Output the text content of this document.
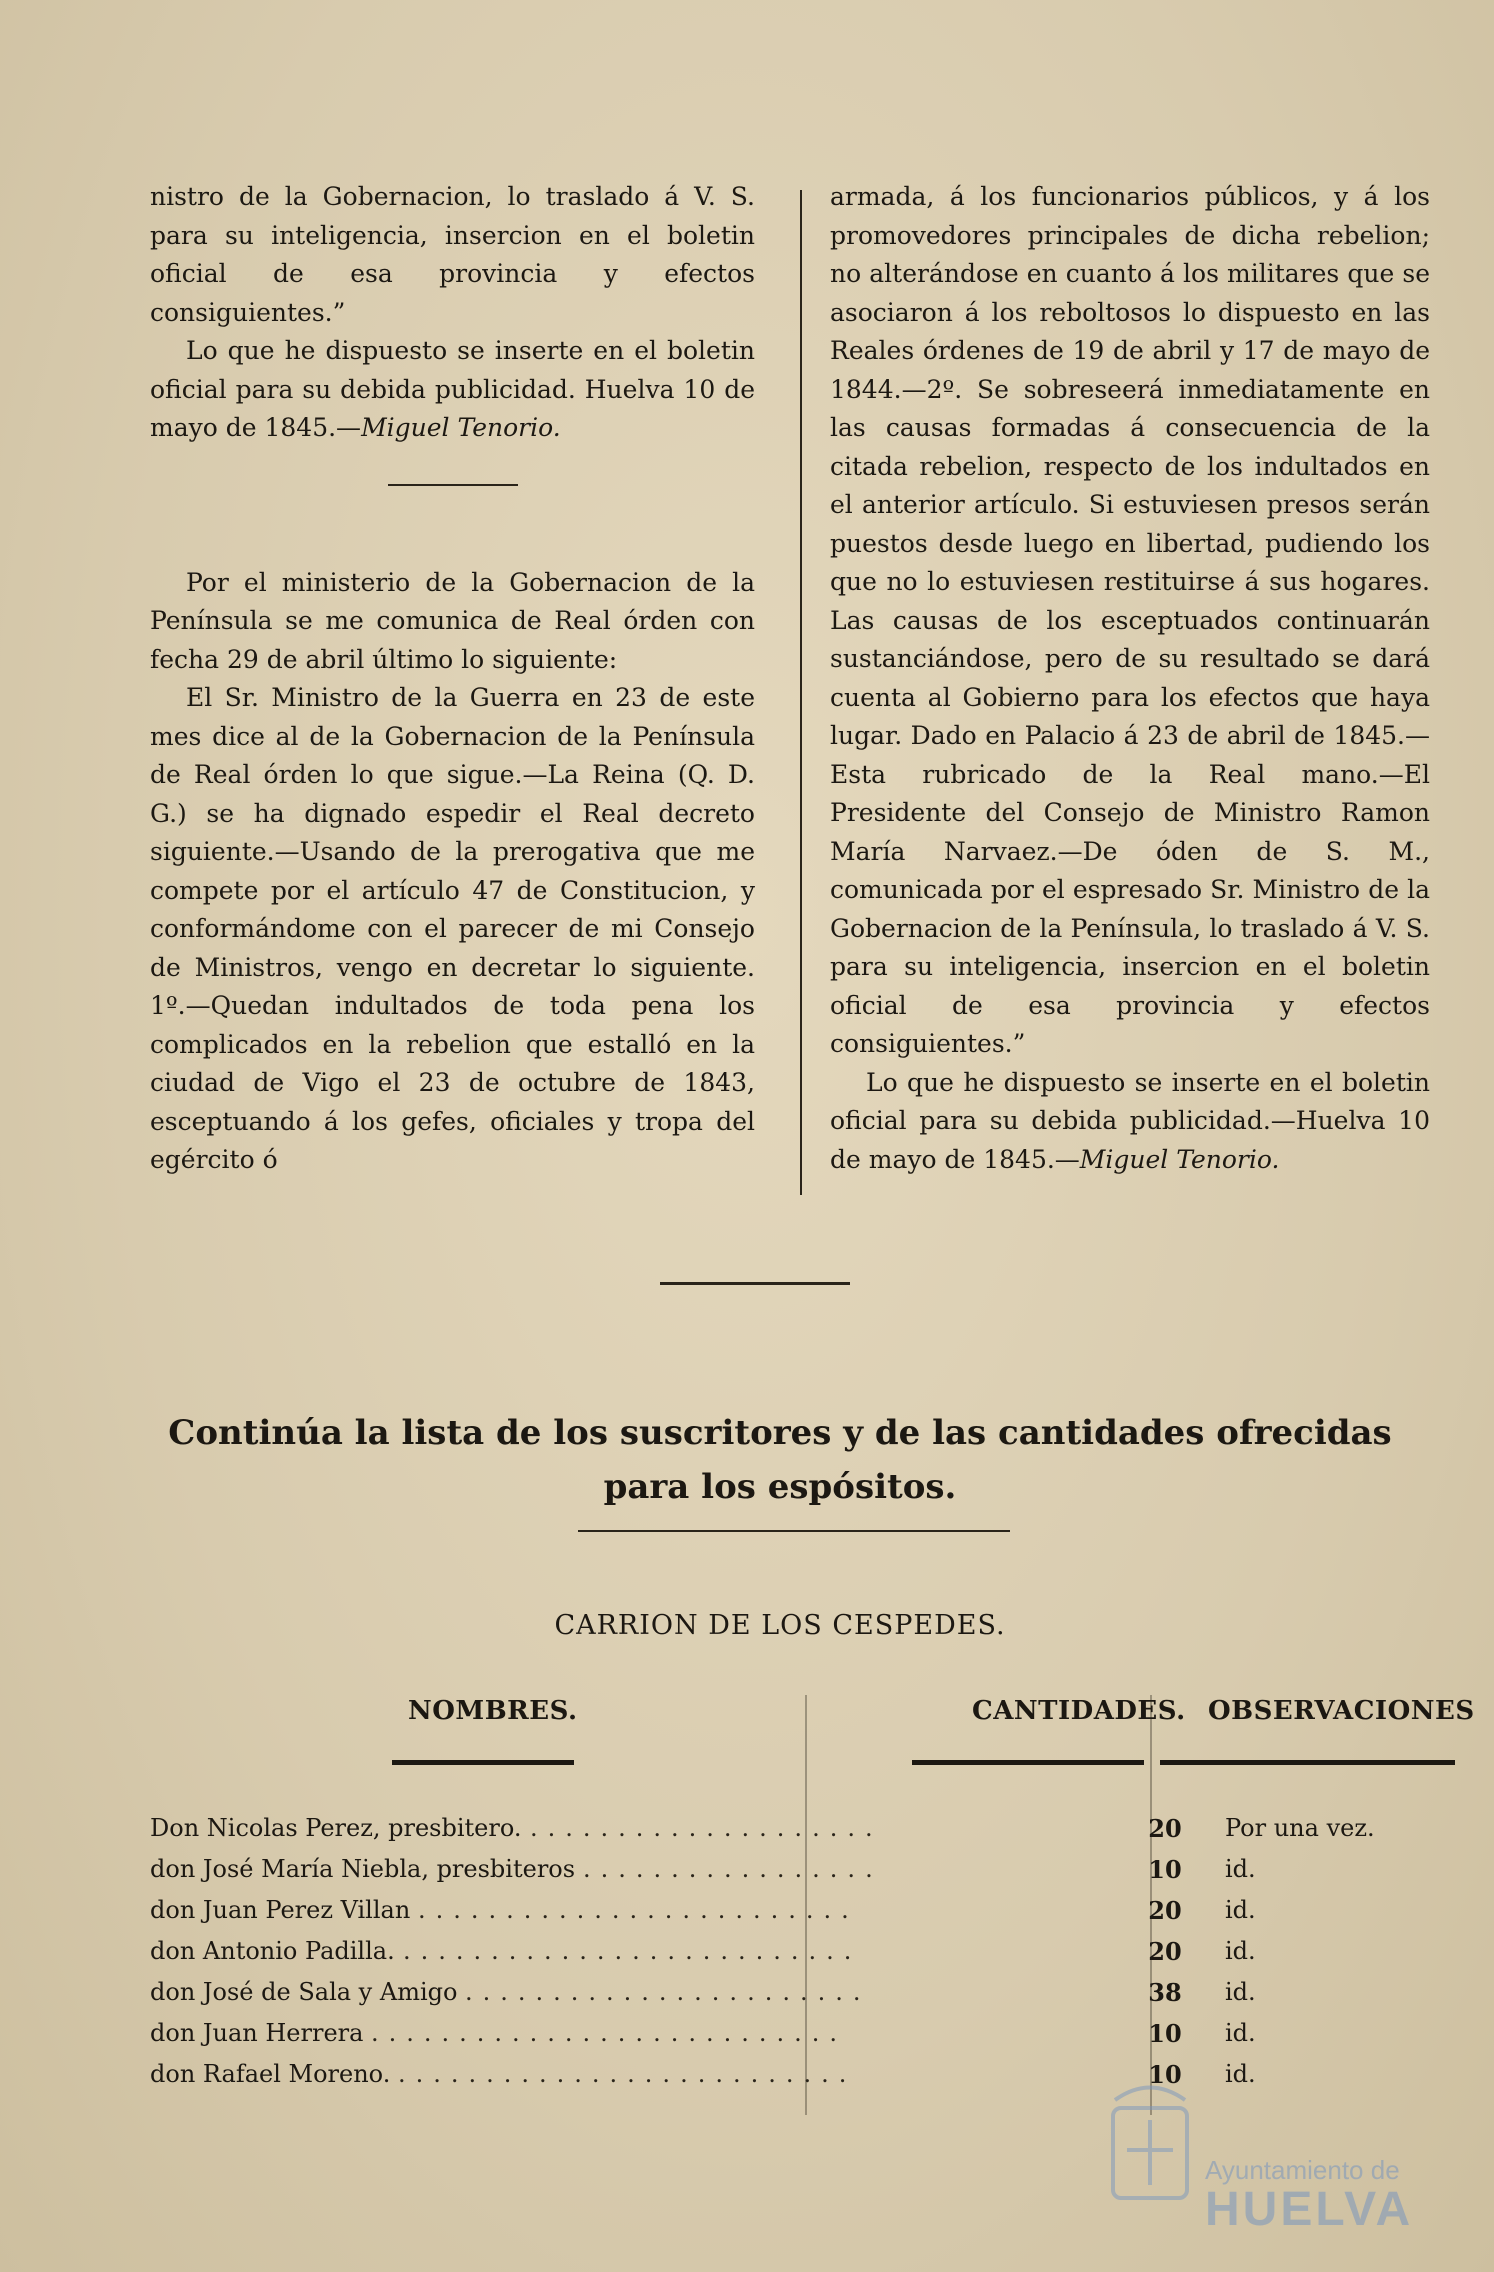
nistro de la Gobernacion, lo traslado á V. S. para su inteligencia, insercion en el boletin oficial de esa provincia y efectos consiguientes.”

Lo que he dispuesto se inserte en el boletin oficial para su debida publicidad. Huelva 10 de mayo de 1845.—Miguel Tenorio.

Por el ministerio de la Gobernacion de la Península se me comunica de Real órden con fecha 29 de abril último lo siguiente:

El Sr. Ministro de la Guerra en 23 de este mes dice al de la Gobernacion de la Península de Real órden lo que sigue.—La Reina (Q. D. G.) se ha dignado espedir el Real decreto siguiente.—Usando de la prerogativa que me compete por el artículo 47 de Constitucion, y conformándome con el parecer de mi Consejo de Ministros, vengo en decretar lo siguiente. 1º.—Quedan indultados de toda pena los complicados en la rebelion que estalló en la ciudad de Vigo el 23 de octubre de 1843, esceptuando á los gefes, oficiales y tropa del egército ó

armada, á los funcionarios públicos, y á los promovedores principales de dicha rebelion; no alterándose en cuanto á los militares que se asociaron á los reboltosos lo dispuesto en las Reales órdenes de 19 de abril y 17 de mayo de 1844.—2º. Se sobreseerá inmediatamente en las causas formadas á consecuencia de la citada rebelion, respecto de los indultados en el anterior artículo. Si estuviesen presos serán puestos desde luego en libertad, pudiendo los que no lo estuviesen restituirse á sus hogares. Las causas de los esceptuados continuarán sustanciándose, pero de su resultado se dará cuenta al Gobierno para los efectos que haya lugar. Dado en Palacio á 23 de abril de 1845.—Esta rubricado de la Real mano.—El Presidente del Consejo de Ministro Ramon María Narvaez.—De óden de S. M., comunicada por el espresado Sr. Ministro de la Gobernacion de la Península, lo traslado á V. S. para su inteligencia, insercion en el boletin oficial de esa provincia y efectos consiguientes.”

Lo que he dispuesto se inserte en el boletin oficial para su debida publicidad.—Huelva 10 de mayo de 1845.—Miguel Tenorio.

Continúa la lista de los suscritores y de las cantidades ofrecidas
para los espósitos.
CARRION DE LOS CESPEDES.
NOMBRES.	CANTIDADES. OBSERVACIONES
Don Nicolas Perez, presbitero. ....................	20	Por una vez.
don José María Niebla, presbiteros .................	10	id.
don Juan Perez Villan .........................	20	id.
don Antonio Padilla. ..........................	20	id.
don José de Sala y Amigo .......................	38	id.
don Juan Herrera ...........................	10	id.
don Rafael Moreno. ..........................	10	id.
Ayuntamiento de
HUELVA
